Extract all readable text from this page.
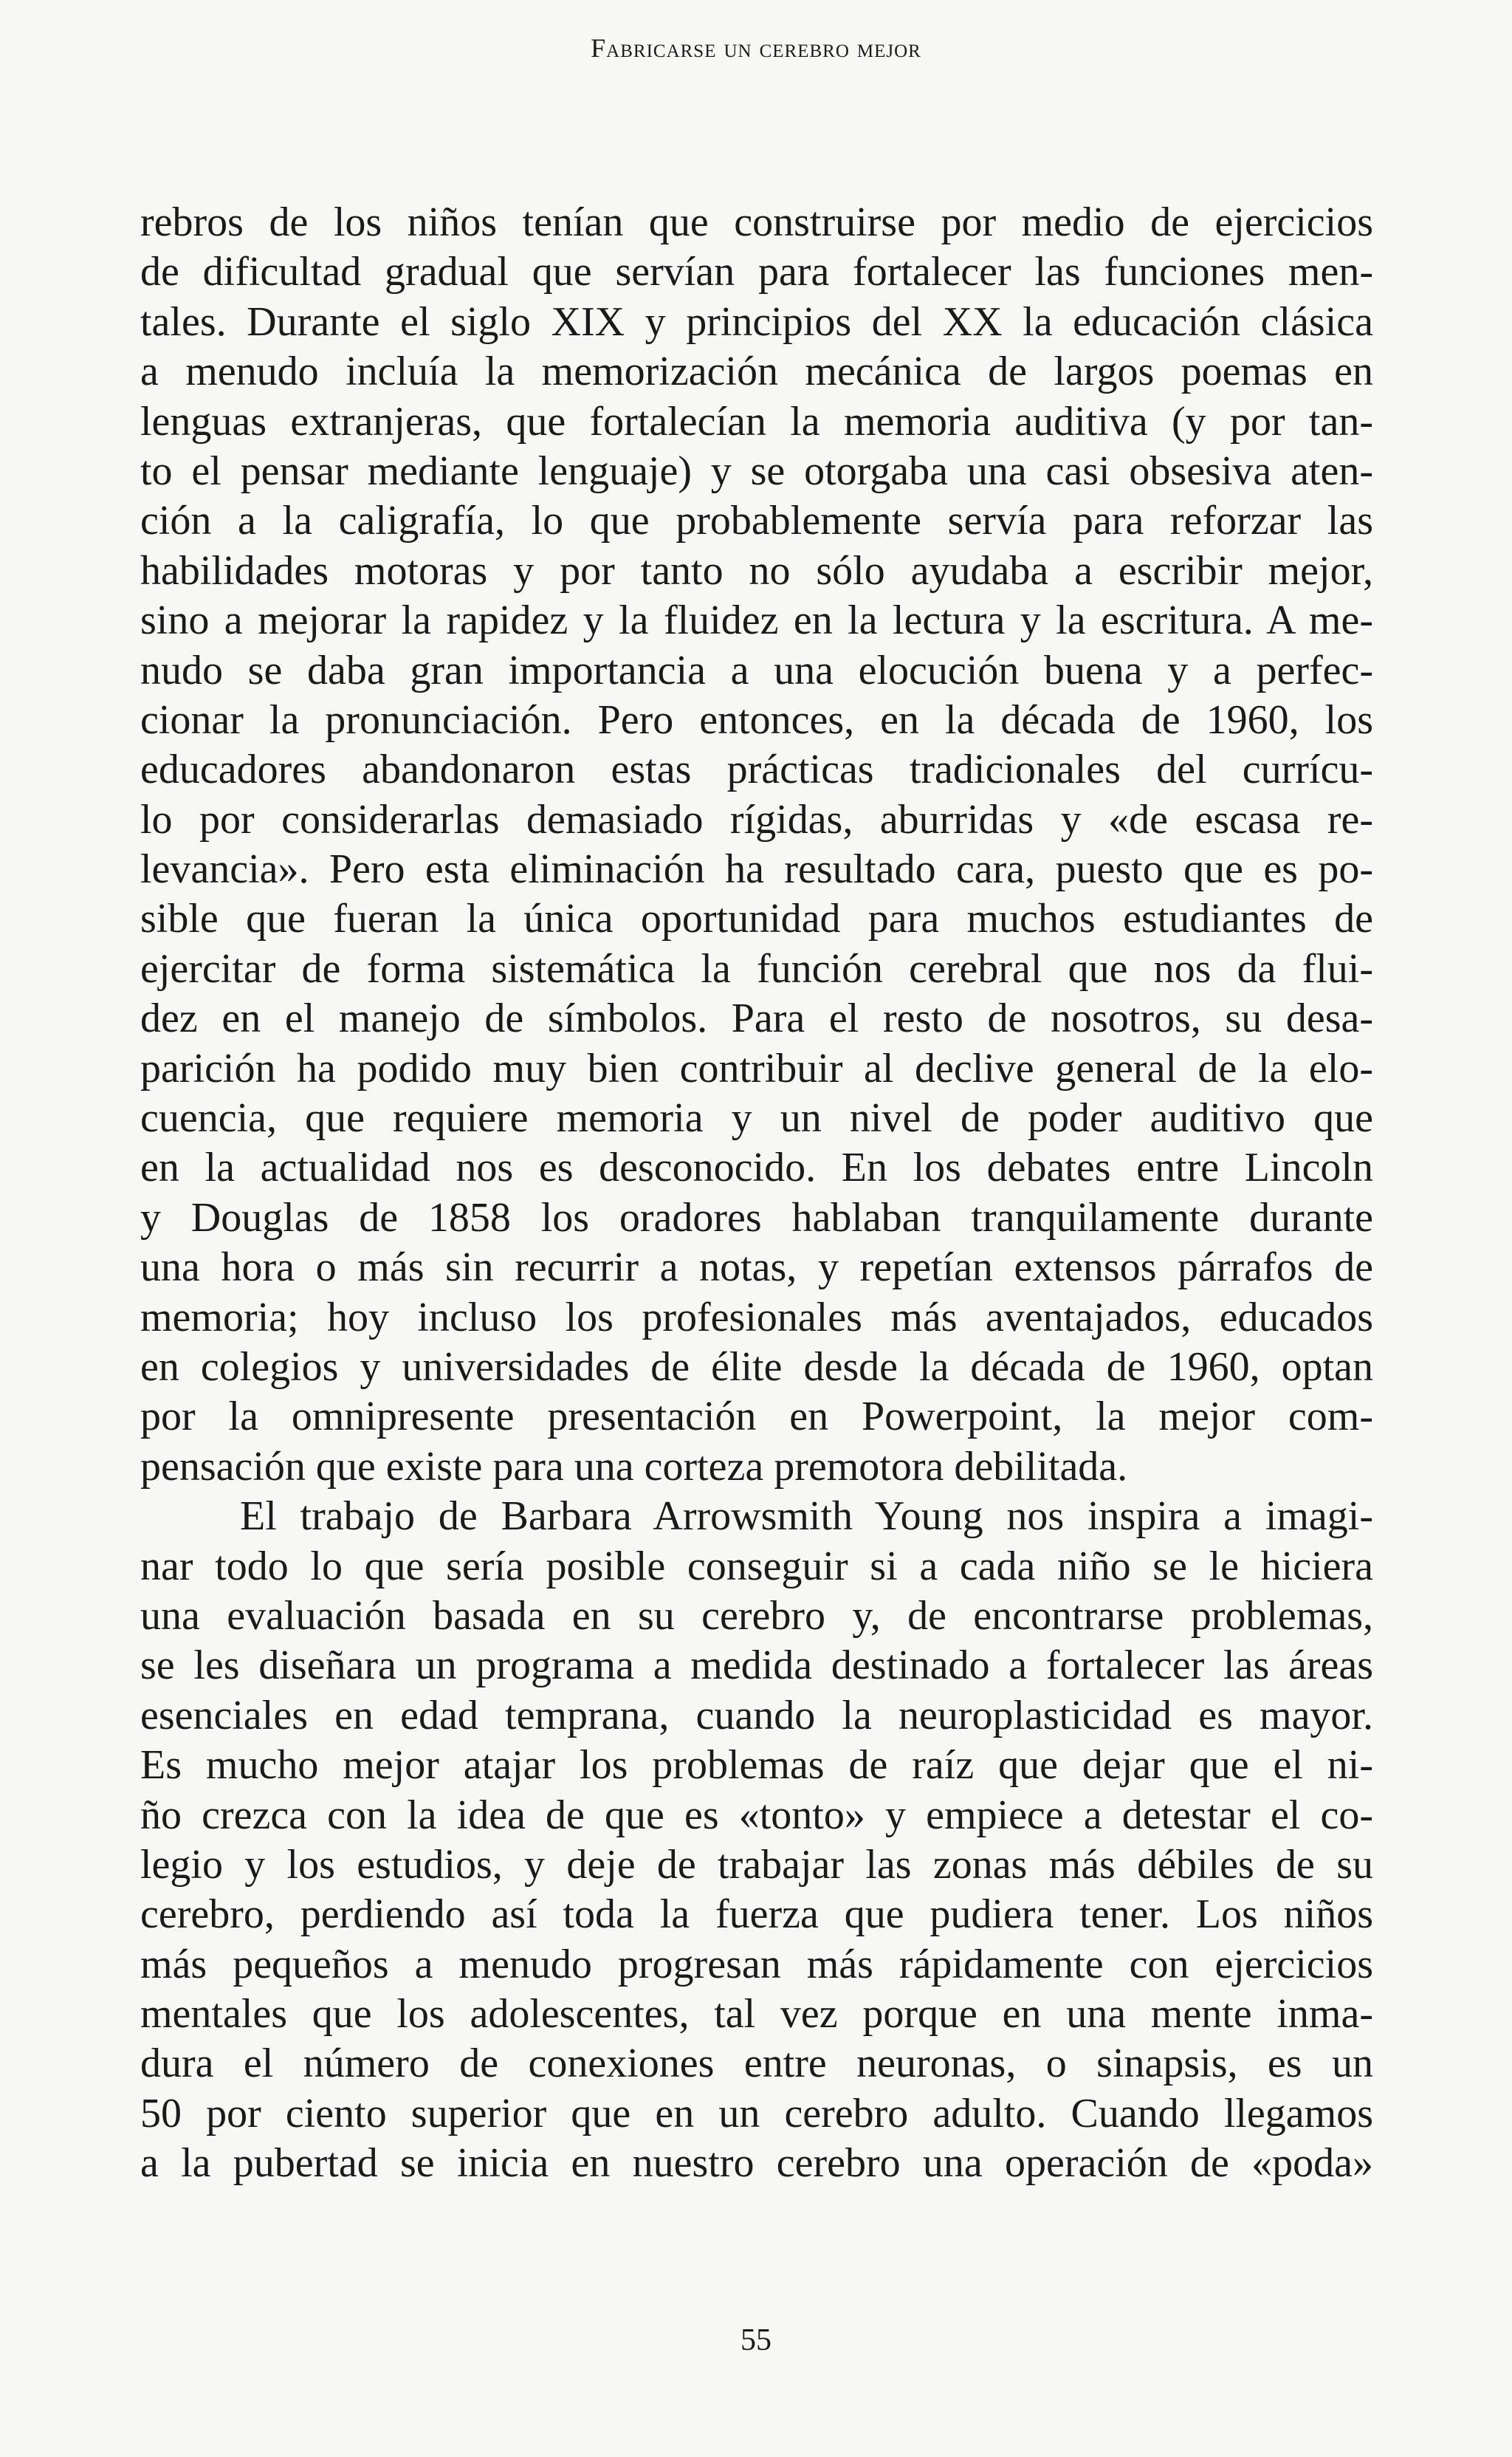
Fabricarse un cerebro mejor
rebros de los niños tenían que construirse por medio de ejercicios
de dificultad gradual que servían para fortalecer las funciones men-
tales. Durante el siglo XIX y principios del XX la educación clásica
a menudo incluía la memorización mecánica de largos poemas en
lenguas extranjeras, que fortalecían la memoria auditiva (y por tan-
to el pensar mediante lenguaje) y se otorgaba una casi obsesiva aten-
ción a la caligrafía, lo que probablemente servía para reforzar las
habilidades motoras y por tanto no sólo ayudaba a escribir mejor,
sino a mejorar la rapidez y la fluidez en la lectura y la escritura. A me-
nudo se daba gran importancia a una elocución buena y a perfec-
cionar la pronunciación. Pero entonces, en la década de 1960, los
educadores abandonaron estas prácticas tradicionales del currícu-
lo por considerarlas demasiado rígidas, aburridas y «de escasa re-
levancia». Pero esta eliminación ha resultado cara, puesto que es po-
sible que fueran la única oportunidad para muchos estudiantes de
ejercitar de forma sistemática la función cerebral que nos da flui-
dez en el manejo de símbolos. Para el resto de nosotros, su desa-
parición ha podido muy bien contribuir al declive general de la elo-
cuencia, que requiere memoria y un nivel de poder auditivo que
en la actualidad nos es desconocido. En los debates entre Lincoln
y Douglas de 1858 los oradores hablaban tranquilamente durante
una hora o más sin recurrir a notas, y repetían extensos párrafos de
memoria; hoy incluso los profesionales más aventajados, educados
en colegios y universidades de élite desde la década de 1960, optan
por la omnipresente presentación en Powerpoint, la mejor com-
pensación que existe para una corteza premotora debilitada.
El trabajo de Barbara Arrowsmith Young nos inspira a imagi-
nar todo lo que sería posible conseguir si a cada niño se le hiciera
una evaluación basada en su cerebro y, de encontrarse problemas,
se les diseñara un programa a medida destinado a fortalecer las áreas
esenciales en edad temprana, cuando la neuroplasticidad es mayor.
Es mucho mejor atajar los problemas de raíz que dejar que el ni-
ño crezca con la idea de que es «tonto» y empiece a detestar el co-
legio y los estudios, y deje de trabajar las zonas más débiles de su
cerebro, perdiendo así toda la fuerza que pudiera tener. Los niños
más pequeños a menudo progresan más rápidamente con ejercicios
mentales que los adolescentes, tal vez porque en una mente inma-
dura el número de conexiones entre neuronas, o sinapsis, es un
50 por ciento superior que en un cerebro adulto. Cuando llegamos
a la pubertad se inicia en nuestro cerebro una operación de «poda»
55
